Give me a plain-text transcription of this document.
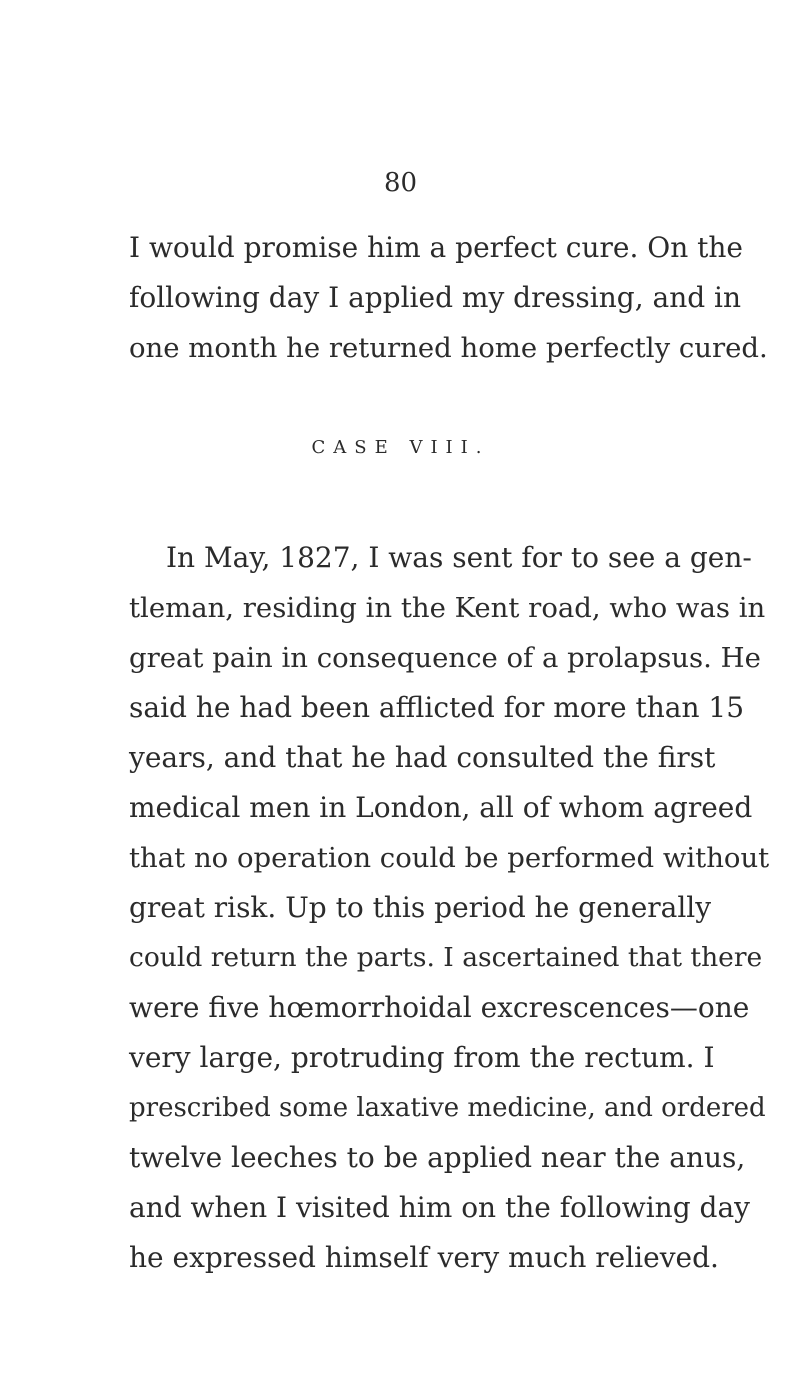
80
I would promise him a perfect cure. On the
following day I applied my dressing, and in
one month he returned home perfectly cured.
CASE VIII.
In May, 1827, I was sent for to see a gen-
tleman, residing in the Kent road, who was in
great pain in consequence of a prolapsus. He
said he had been afflicted for more than 15
years, and that he had consulted the first
medical men in London, all of whom agreed
that no operation could be performed without
great risk. Up to this period he generally
could return the parts. I ascertained that there
were five hœmorrhoidal excrescences—one
very large, protruding from the rectum. I
prescribed some laxative medicine, and ordered
twelve leeches to be applied near the anus,
and when I visited him on the following day
he expressed himself very much relieved.
